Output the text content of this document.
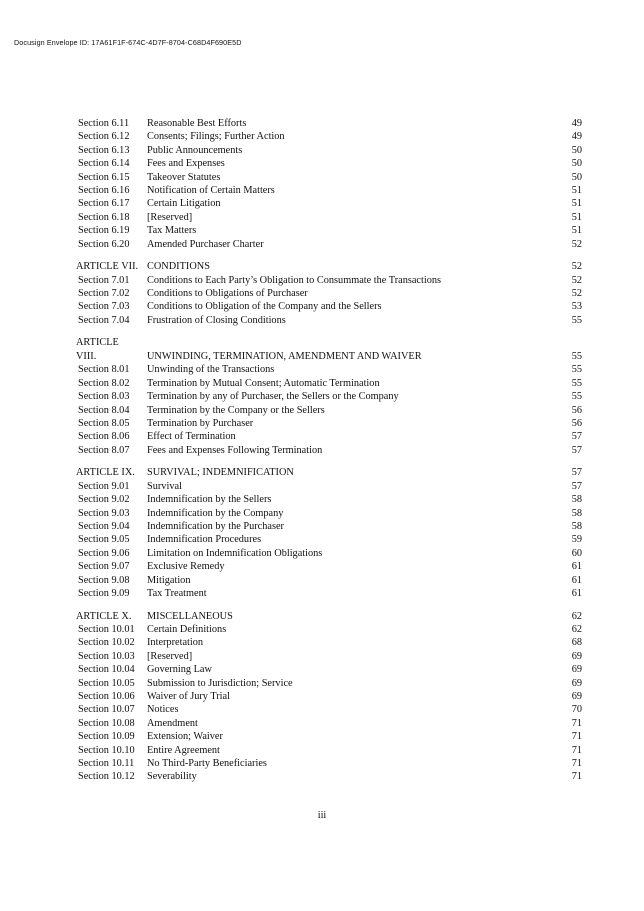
Docusign Envelope ID: 17A61F1F-674C-4D7F-8704-C68D4F690E5D
Section 6.11 Reasonable Best Efforts	49
Section 6.12 Consents; Filings; Further Action	49
Section 6.13 Public Announcements	50
Section 6.14 Fees and Expenses	50
Section 6.15 Takeover Statutes	50
Section 6.16 Notification of Certain Matters	51
Section 6.17 Certain Litigation	51
Section 6.18 [Reserved]	51
Section 6.19 Tax Matters	51
Section 6.20 Amended Purchaser Charter	52
ARTICLE VII. CONDITIONS	52
Section 7.01 Conditions to Each Party’s Obligation to Consummate the Transactions	52
Section 7.02 Conditions to Obligations of Purchaser	52
Section 7.03 Conditions to Obligation of the Company and the Sellers	53
Section 7.04 Frustration of Closing Conditions	55
ARTICLE
VIII.	UNWINDING, TERMINATION, AMENDMENT AND WAIVER	55
Section 8.01 Unwinding of the Transactions	55
Section 8.02 Termination by Mutual Consent; Automatic Termination	55
Section 8.03 Termination by any of Purchaser, the Sellers or the Company	55
Section 8.04 Termination by the Company or the Sellers	56
Section 8.05 Termination by Purchaser	56
Section 8.06 Effect of Termination	57
Section 8.07 Fees and Expenses Following Termination	57
ARTICLE IX. SURVIVAL; INDEMNIFICATION	57
Section 9.01 Survival	57
Section 9.02 Indemnification by the Sellers	58
Section 9.03 Indemnification by the Company	58
Section 9.04 Indemnification by the Purchaser	58
Section 9.05 Indemnification Procedures	59
Section 9.06 Limitation on Indemnification Obligations	60
Section 9.07 Exclusive Remedy	61
Section 9.08 Mitigation	61
Section 9.09 Tax Treatment	61
ARTICLE X. MISCELLANEOUS	62
Section 10.01 Certain Definitions	62
Section 10.02 Interpretation	68
Section 10.03 [Reserved]	69
Section 10.04 Governing Law	69
Section 10.05 Submission to Jurisdiction; Service	69
Section 10.06 Waiver of Jury Trial	69
Section 10.07 Notices	70
Section 10.08 Amendment	71
Section 10.09 Extension; Waiver	71
Section 10.10 Entire Agreement	71
Section 10.11 No Third-Party Beneficiaries	71
Section 10.12 Severability	71
iii
